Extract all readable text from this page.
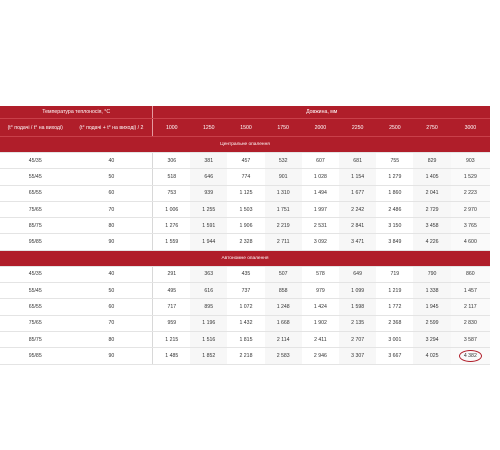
Температура теплоносія, °С		Довжина, мм								
(t° подачі / t° на виході)	(t° подачі + t° на виході) / 2	1000	1250	1500	1750	2000	2250	2500	2750	3000
Центральне опалення										
45/35	40	306	381	457	532	607	681	755	829	903
55/45	50	518	646	774	901	1 028	1 154	1 279	1 405	1 529
65/55	60	753	939	1 125	1 310	1 494	1 677	1 860	2 041	2 223
75/65	70	1 006	1 255	1 503	1 751	1 997	2 242	2 486	2 729	2 970
85/75	80	1 276	1 591	1 906	2 219	2 531	2 841	3 150	3 458	3 765
95/85	90	1 559	1 944	2 328	2 711	3 092	3 471	3 849	4 226	4 600
Автономне опалення										
45/35	40	291	363	435	507	578	649	719	790	860
55/45	50	495	616	737	858	979	1 099	1 219	1 338	1 457
65/55	60	717	895	1 072	1 248	1 424	1 598	1 772	1 945	2 117
75/65	70	959	1 196	1 432	1 668	1 902	2 135	2 368	2 599	2 830
85/75	80	1 215	1 516	1 815	2 114	2 411	2 707	3 001	3 294	3 587
95/85	90	1 485	1 852	2 218	2 583	2 946	3 307	3 667	4 025	4 382
